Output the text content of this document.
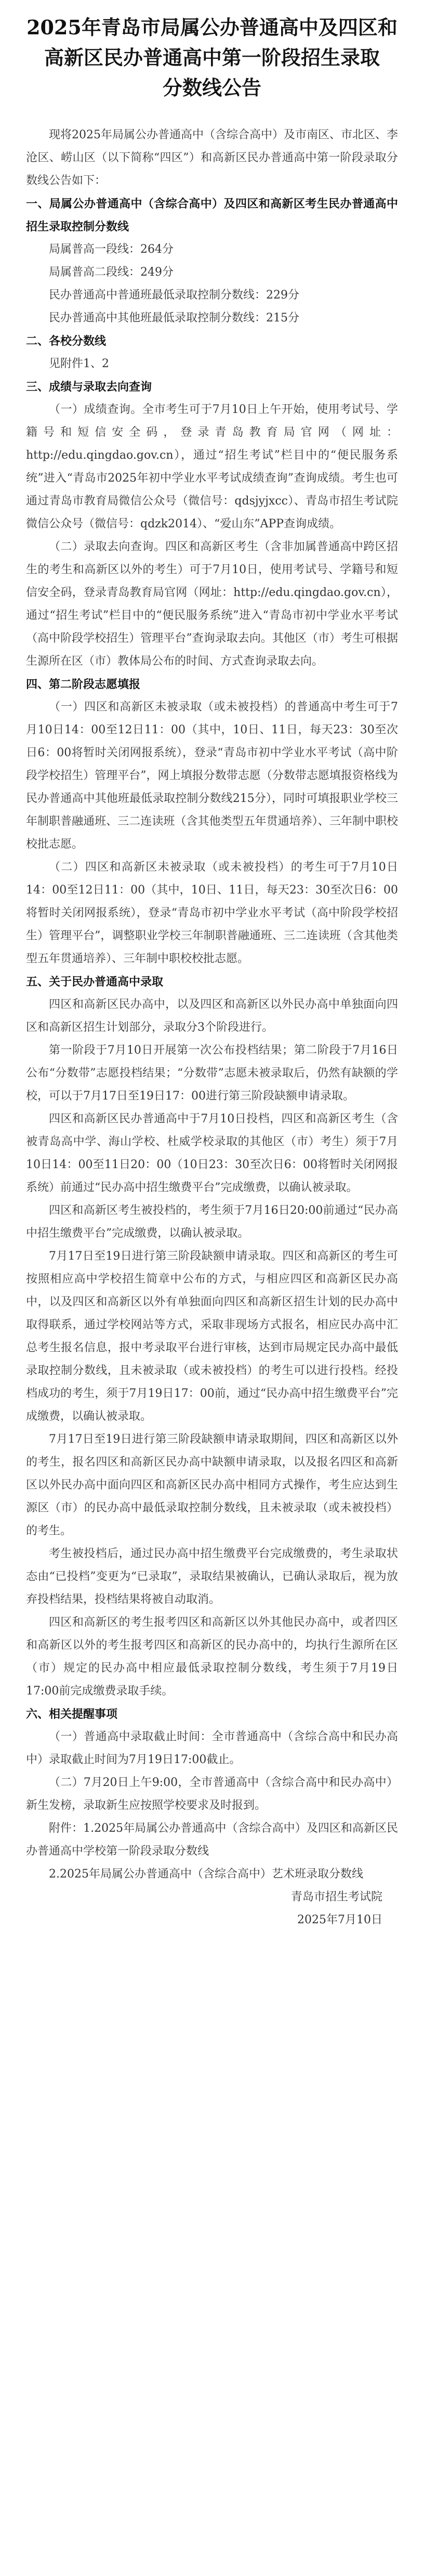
2025年青岛市局属公办普通高中及四区和
高新区民办普通高中第一阶段招生录取
分数线公告

现将2025年局属公办普通高中（含综合高中）及市南区、市北区、李沧区、崂山区（以下简称“四区”）和高新区民办普通高中第一阶段录取分数线公告如下：

一、局属公办普通高中（含综合高中）及四区和高新区考生民办普通高中招生录取控制分数线

局属普高一段线：264分

局属普高二段线：249分

民办普通高中普通班最低录取控制分数线：229分

民办普通高中其他班最低录取控制分数线：215分

二、各校分数线

见附件1、2

三、成绩与录取去向查询

（一）成绩查询。全市考生可于7月10日上午开始，使用考试号、学籍号和短信安全码，登录青岛教育局官网（网址：http://edu.qingdao.gov.cn），通过“招生考试”栏目中的“便民服务系统”进入“青岛市2025年初中学业水平考试成绩查询”查询成绩。考生也可通过青岛市教育局微信公众号（微信号：qdsjyjxcc）、青岛市招生考试院微信公众号（微信号：qdzk2014）、“爱山东”APP查询成绩。

（二）录取去向查询。四区和高新区考生（含非加属普通高中跨区招生的考生和高新区以外的考生）可于7月10日，使用考试号、学籍号和短信安全码，登录青岛教育局官网（网址：http://edu.qingdao.gov.cn），通过“招生考试”栏目中的“便民服务系统”进入“青岛市初中学业水平考试（高中阶段学校招生）管理平台”查询录取去向。其他区（市）考生可根据生源所在区（市）教体局公布的时间、方式查询录取去向。

四、第二阶段志愿填报

（一）四区和高新区未被录取（或未被投档）的普通高中考生可于7月10日14：00至12日11：00（其中，10日、11日，每天23：30至次日6：00将暂时关闭网报系统），登录“青岛市初中学业水平考试（高中阶段学校招生）管理平台”，网上填报分数带志愿（分数带志愿填报资格线为民办普通高中其他班最低录取控制分数线215分），同时可填报职业学校三年制职普融通班、三二连读班（含其他类型五年贯通培养）、三年制中职校校批志愿。

（二）四区和高新区未被录取（或未被投档）的考生可于7月10日14：00至12日11：00（其中，10日、11日，每天23：30至次日6：00将暂时关闭网报系统），登录“青岛市初中学业水平考试（高中阶段学校招生）管理平台”，调整职业学校三年制职普融通班、三二连读班（含其他类型五年贯通培养）、三年制中职校校批志愿。

五、关于民办普通高中录取

四区和高新区民办高中，以及四区和高新区以外民办高中单独面向四区和高新区招生计划部分，录取分3个阶段进行。

第一阶段于7月10日开展第一次公布投档结果；第二阶段于7月16日公布“分数带”志愿投档结果；“分数带”志愿未被录取后，仍然有缺额的学校，可以于7月17日至19日17：00进行第三阶段缺额申请录取。

四区和高新区民办普通高中于7月10日投档，四区和高新区考生（含被青岛高中学、海山学校、杜威学校录取的其他区（市）考生）须于7月10日14：00至11日20：00（10日23：30至次日6：00将暂时关闭网报系统）前通过“民办高中招生缴费平台”完成缴费，以确认被录取。

四区和高新区考生被投档的，考生须于7月16日20:00前通过“民办高中招生缴费平台”完成缴费，以确认被录取。

7月17日至19日进行第三阶段缺额申请录取。四区和高新区的考生可按照相应高中学校招生简章中公布的方式，与相应四区和高新区民办高中，以及四区和高新区以外有单独面向四区和高新区招生计划的民办高中取得联系，通过学校网站等方式，采取非现场方式报名，相应民办高中汇总考生报名信息，报中考录取平台进行审核，达到市局规定民办高中最低录取控制分数线，且未被录取（或未被投档）的考生可以进行投档。经投档成功的考生，须于7月19日17：00前，通过“民办高中招生缴费平台”完成缴费，以确认被录取。

7月17日至19日进行第三阶段缺额申请录取期间，四区和高新区以外的考生，报名四区和高新区民办高中缺额申请录取，以及报名四区和高新区以外民办高中面向四区和高新区民办高中相同方式操作，考生应达到生源区（市）的民办高中最低录取控制分数线，且未被录取（或未被投档）的考生。

考生被投档后，通过民办高中招生缴费平台完成缴费的，考生录取状态由“已投档”变更为“已录取”，录取结果被确认，已确认录取后，视为放弃投档结果，投档结果将被自动取消。

四区和高新区的考生报考四区和高新区以外其他民办高中，或者四区和高新区以外的考生报考四区和高新区的民办高中的，均执行生源所在区（市）规定的民办高中相应最低录取控制分数线，考生须于7月19日17:00前完成缴费录取手续。

六、相关提醒事项

（一）普通高中录取截止时间：全市普通高中（含综合高中和民办高中）录取截止时间为7月19日17:00截止。

（二）7月20日上午9:00，全市普通高中（含综合高中和民办高中）新生发榜，录取新生应按照学校要求及时报到。

附件：1.2025年局属公办普通高中（含综合高中）及四区和高新区民办普通高中学校第一阶段录取分数线

2.2025年局属公办普通高中（含综合高中）艺术班录取分数线

青岛市招生考试院

2025年7月10日
